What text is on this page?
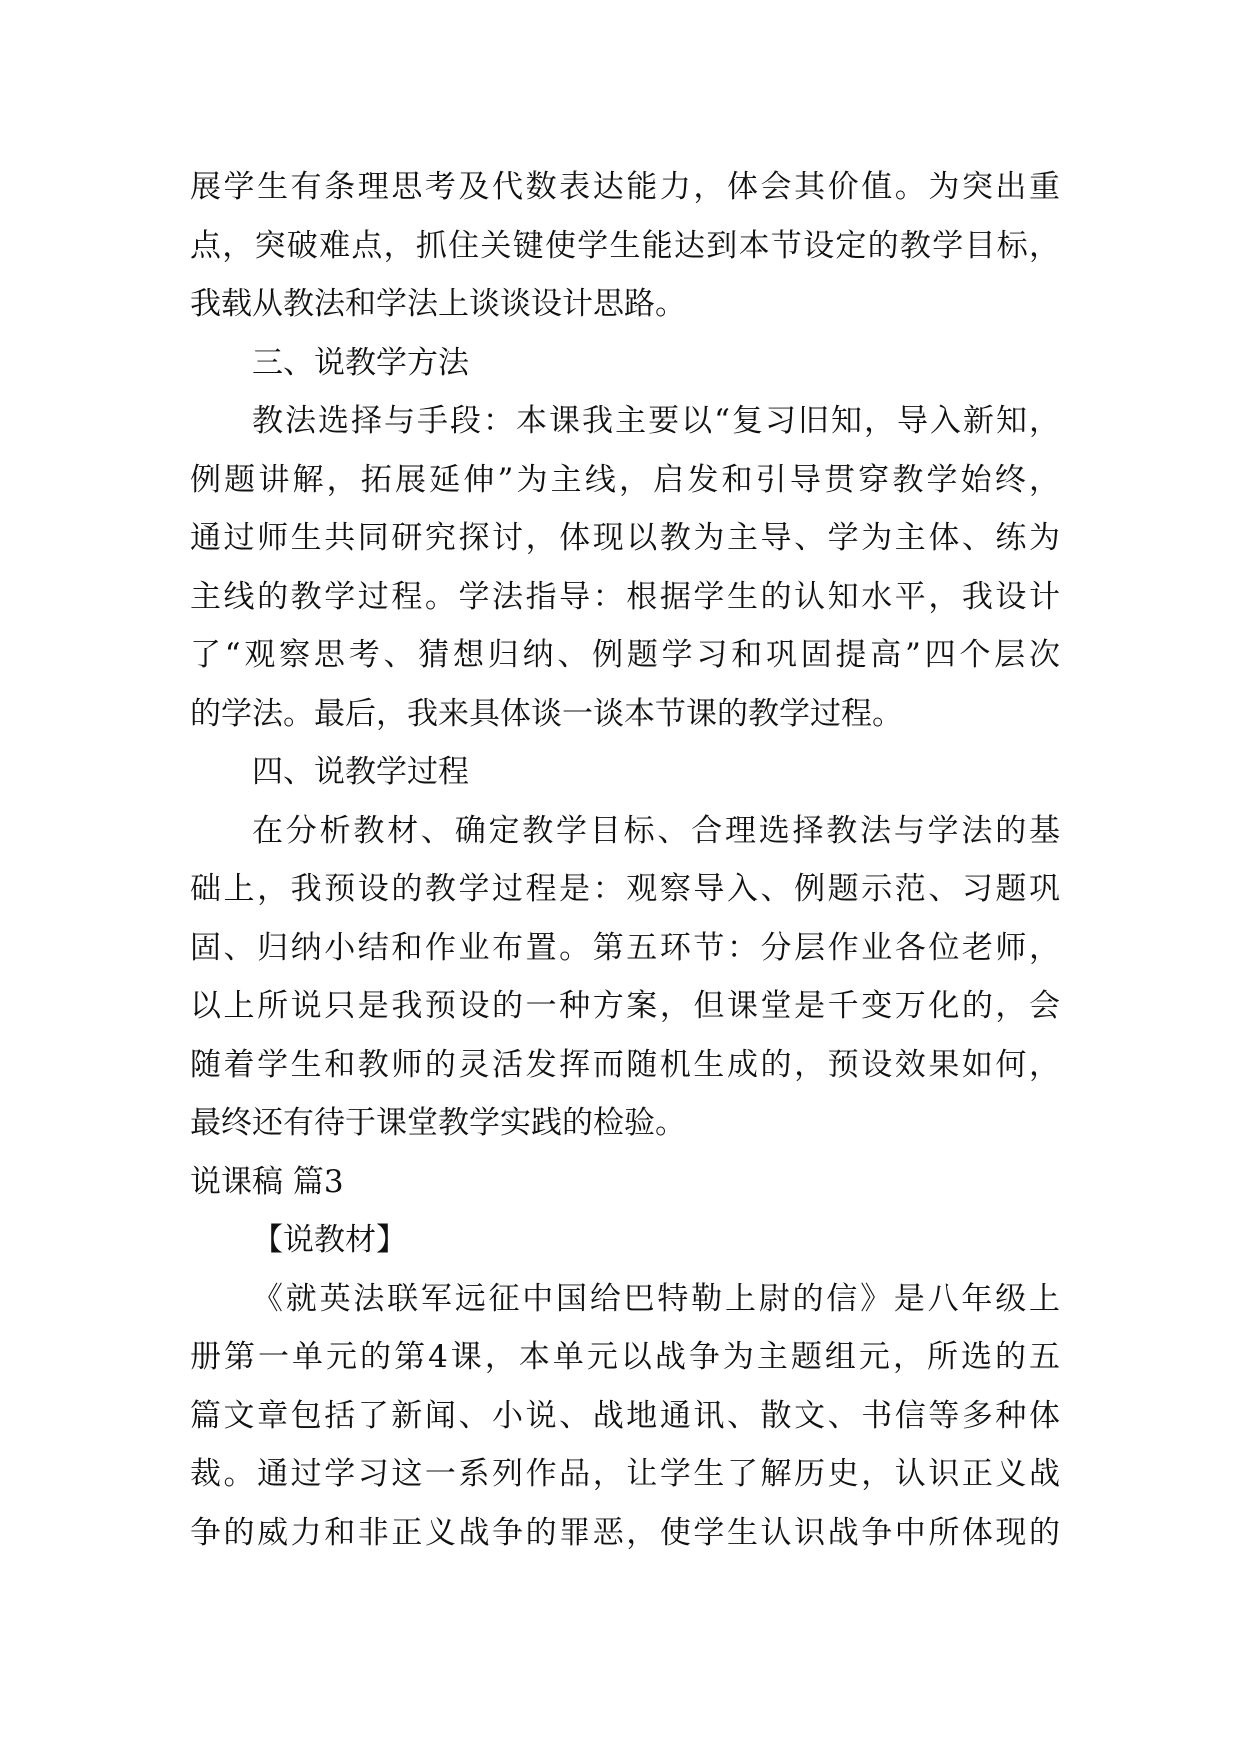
展学生有条理思考及代数表达能力，体会其价值。为突出重
点，突破难点，抓住关键使学生能达到本节设定的教学目标，
我载从教法和学法上谈谈设计思路。
三、说教学方法
教法选择与手段：本课我主要以“复习旧知，导入新知，
例题讲解，拓展延伸”为主线，启发和引导贯穿教学始终，
通过师生共同研究探讨，体现以教为主导、学为主体、练为
主线的教学过程。学法指导：根据学生的认知水平，我设计
了“观察思考、猜想归纳、例题学习和巩固提高”四个层次
的学法。最后，我来具体谈一谈本节课的教学过程。
四、说教学过程
在分析教材、确定教学目标、合理选择教法与学法的基
础上，我预设的教学过程是：观察导入、例题示范、习题巩
固、归纳小结和作业布置。第五环节：分层作业各位老师，
以上所说只是我预设的一种方案，但课堂是千变万化的，会
随着学生和教师的灵活发挥而随机生成的，预设效果如何，
最终还有待于课堂教学实践的检验。
说课稿 篇3
【说教材】
《就英法联军远征中国给巴特勒上尉的信》是八年级上
册第一单元的第4课，本单元以战争为主题组元，所选的五
篇文章包括了新闻、小说、战地通讯、散文、书信等多种体
裁。通过学习这一系列作品，让学生了解历史，认识正义战
争的威力和非正义战争的罪恶，使学生认识战争中所体现的
